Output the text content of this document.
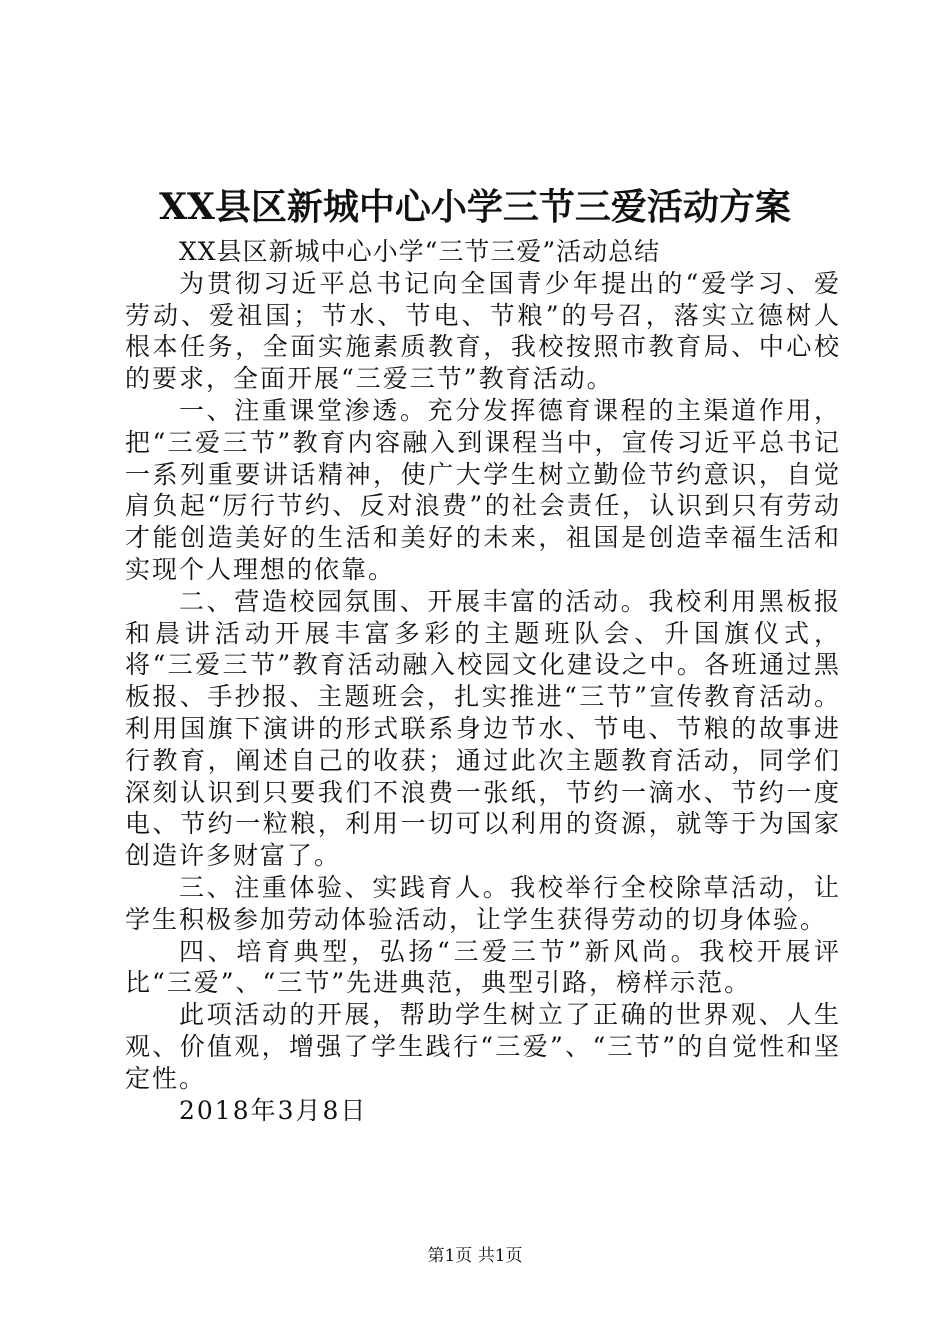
XX县区新城中心小学三节三爱活动方案

XX县区新城中心小学“三节三爱”活动总结

为贯彻习近平总书记向全国青少年提出的“爱学习、爱劳动、爱祖国；节水、节电、节粮”的号召，落实立德树人根本任务，全面实施素质教育，我校按照市教育局、中心校的要求，全面开展“三爱三节”教育活动。

一、注重课堂渗透。充分发挥德育课程的主渠道作用，把“三爱三节”教育内容融入到课程当中，宣传习近平总书记一系列重要讲话精神，使广大学生树立勤俭节约意识，自觉肩负起“厉行节约、反对浪费”的社会责任，认识到只有劳动才能创造美好的生活和美好的未来，祖国是创造幸福生活和实现个人理想的依靠。

二、营造校园氛围、开展丰富的活动。我校利用黑板报和晨讲活动开展丰富多彩的主题班队会、升国旗仪式，将“三爱三节”教育活动融入校园文化建设之中。各班通过黑板报、手抄报、主题班会，扎实推进“三节”宣传教育活动。利用国旗下演讲的形式联系身边节水、节电、节粮的故事进行教育，阐述自己的收获；通过此次主题教育活动，同学们深刻认识到只要我们不浪费一张纸，节约一滴水、节约一度电、节约一粒粮，利用一切可以利用的资源，就等于为国家创造许多财富了。

三、注重体验、实践育人。我校举行全校除草活动，让学生积极参加劳动体验活动，让学生获得劳动的切身体验。

四、培育典型，弘扬“三爱三节”新风尚。我校开展评比“三爱”、“三节”先进典范，典型引路，榜样示范。

此项活动的开展，帮助学生树立了正确的世界观、人生观、价值观，增强了学生践行“三爱”、“三节”的自觉性和坚定性。

2018年3月8日

第1页 共1页
